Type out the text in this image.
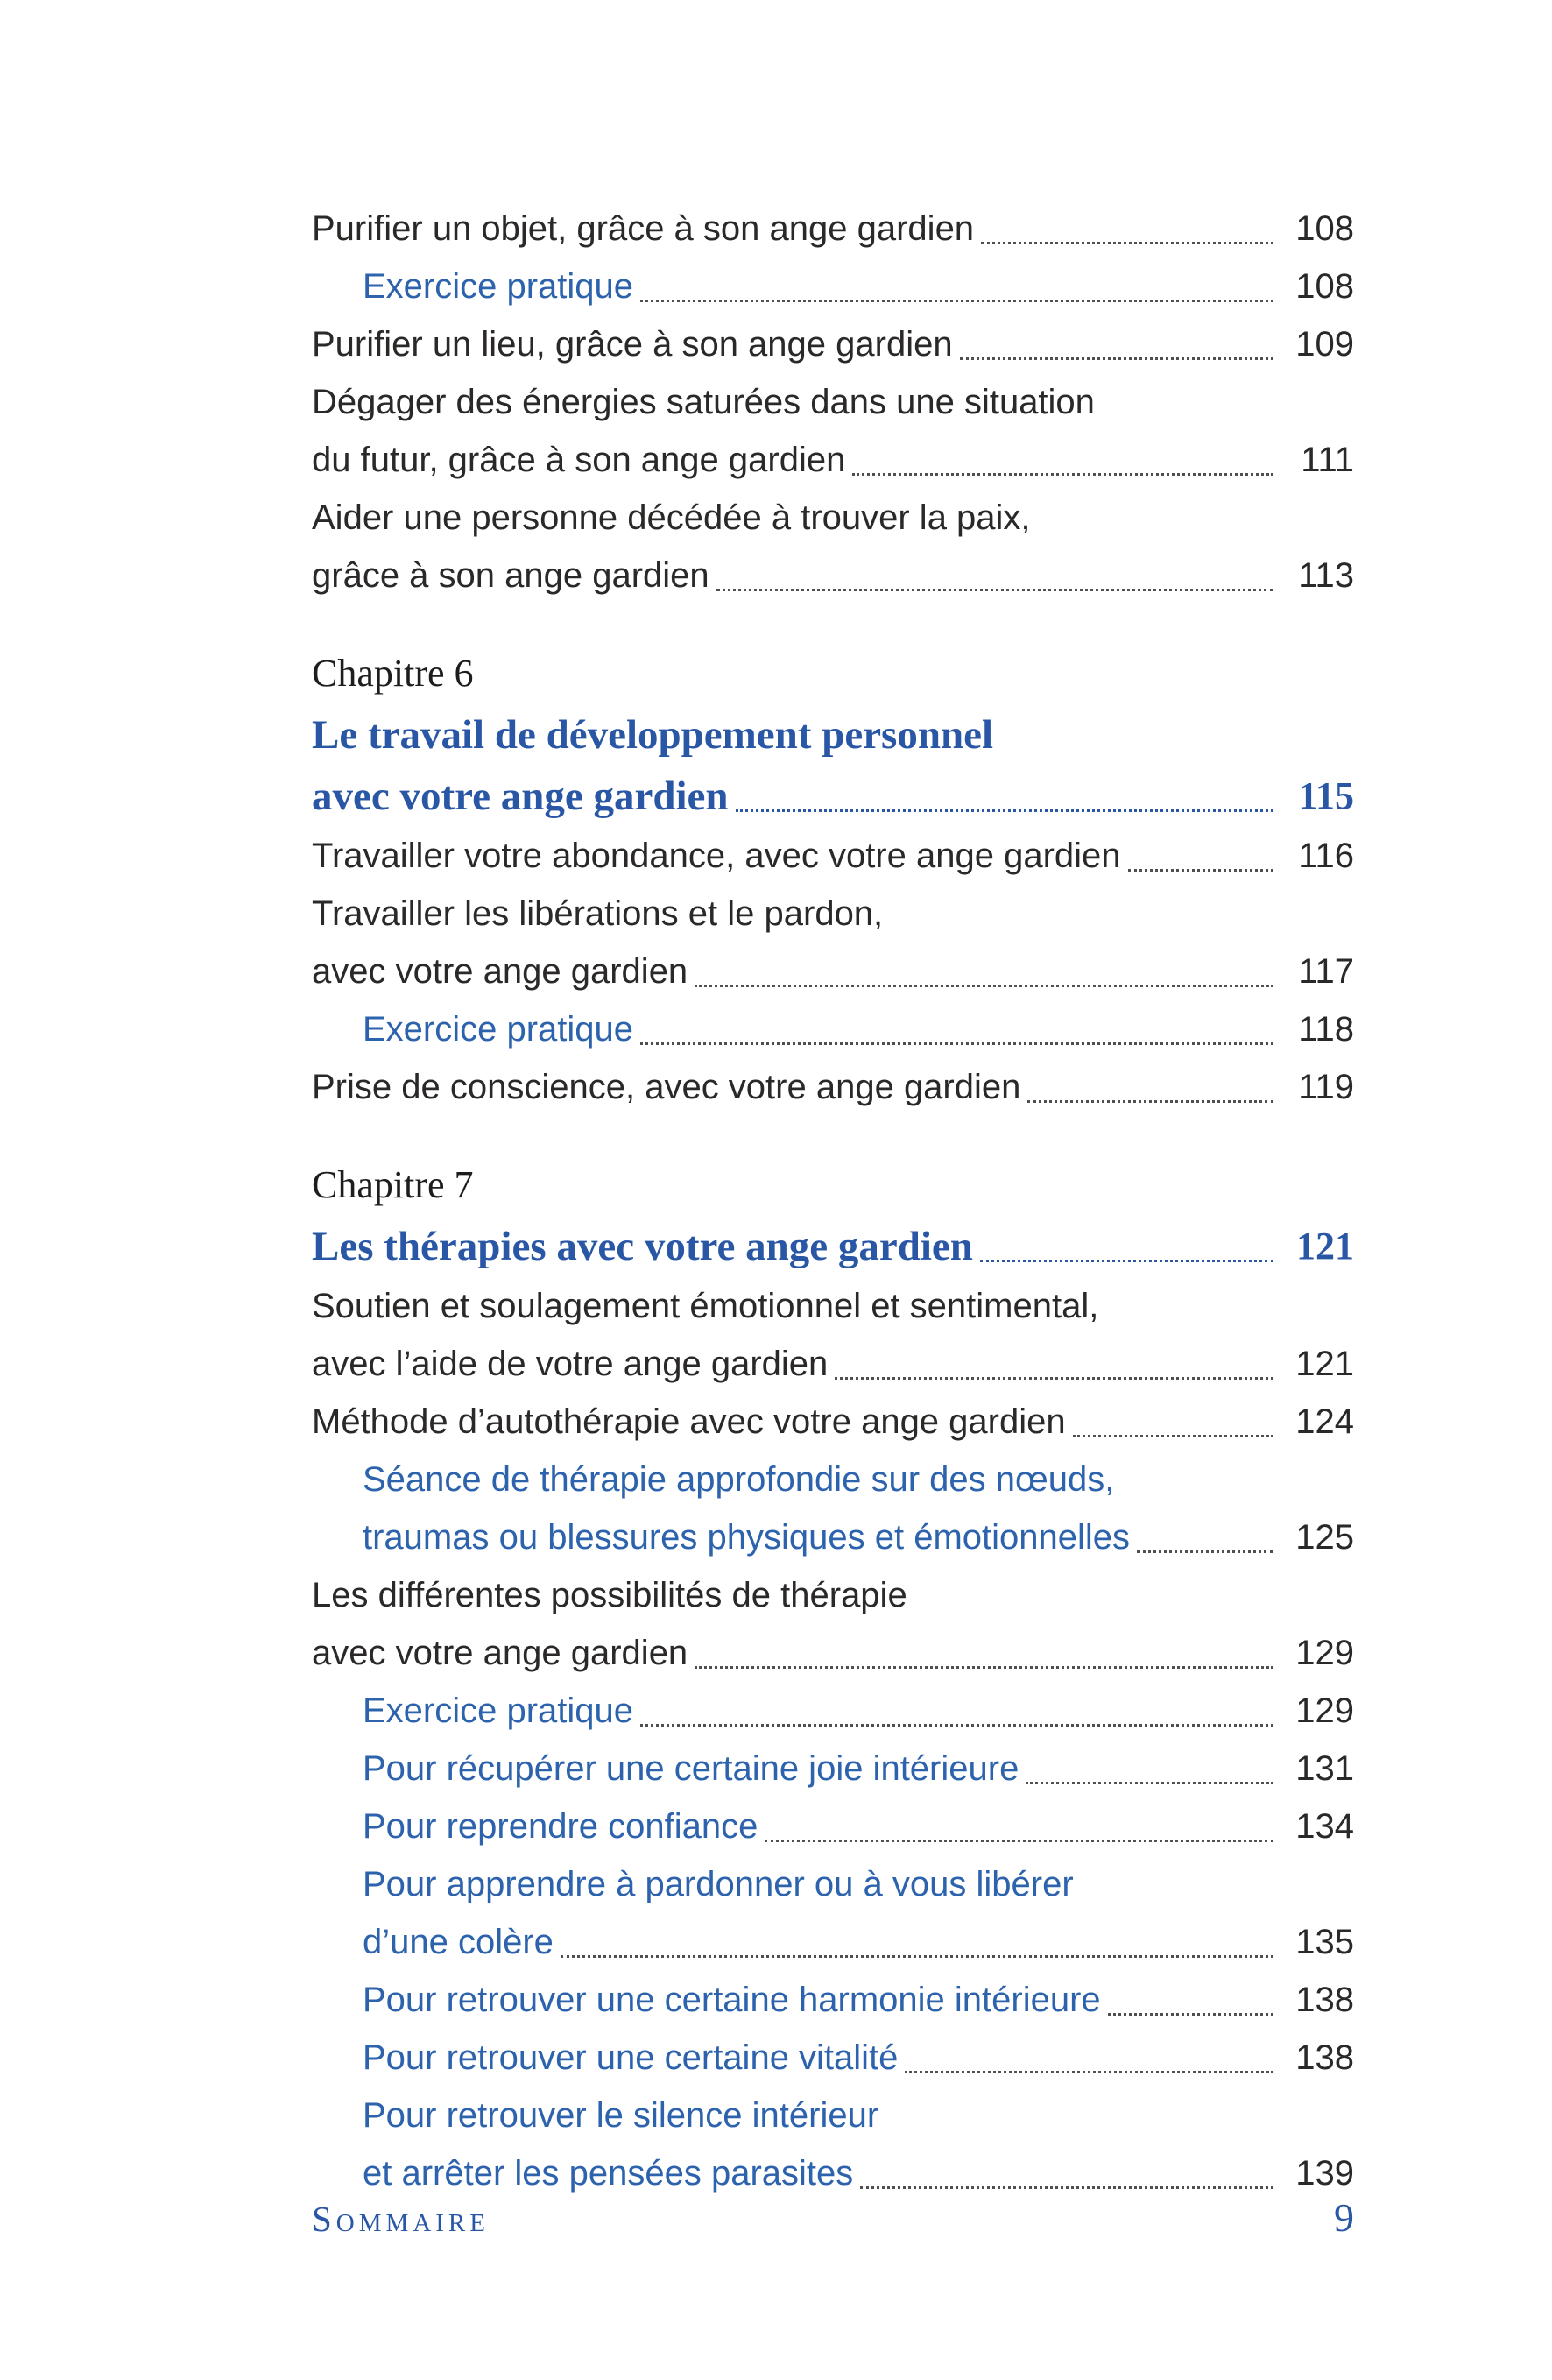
Purifier un objet, grâce à son ange gardien	108
Exercice pratique	108
Purifier un lieu, grâce à son ange gardien	109
Dégager des énergies saturées dans une situation
du futur, grâce à son ange gardien	111
Aider une personne décédée à trouver la paix,
grâce à son ange gardien	113
Chapitre 6
Le travail de développement personnel
avec votre ange gardien	115
Travailler votre abondance, avec votre ange gardien	116
Travailler les libérations et le pardon,
avec votre ange gardien	117
Exercice pratique	118
Prise de conscience, avec votre ange gardien	119
Chapitre 7
Les thérapies avec votre ange gardien	121
Soutien et soulagement émotionnel et sentimental,
avec l’aide de votre ange gardien	121
Méthode d’autothérapie avec votre ange gardien	124
Séance de thérapie approfondie sur des nœuds,
traumas ou blessures physiques et émotionnelles	125
Les différentes possibilités de thérapie
avec votre ange gardien	129
Exercice pratique	129
Pour récupérer une certaine joie intérieure	131
Pour reprendre confiance	134
Pour apprendre à pardonner ou à vous libérer
d’une colère	135
Pour retrouver une certaine harmonie intérieure	138
Pour retrouver une certaine vitalité	138
Pour retrouver le silence intérieur
et arrêter les pensées parasites	139
Sommaire	9
